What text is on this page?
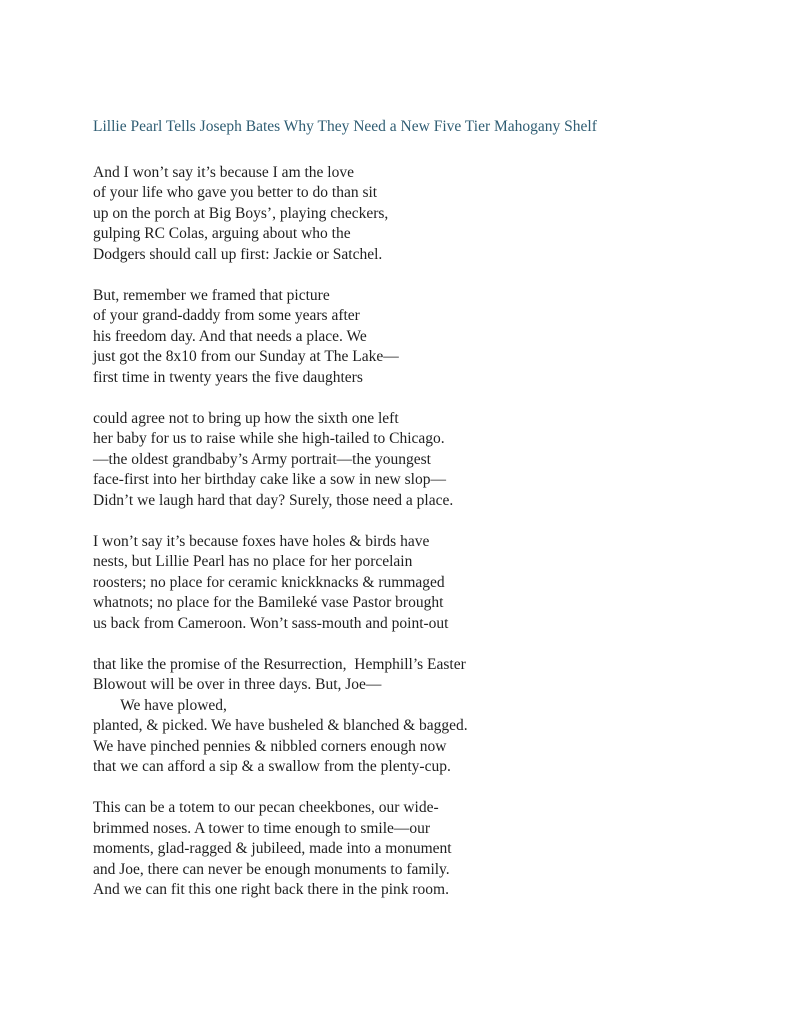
Lillie Pearl Tells Joseph Bates Why They Need a New Five Tier Mahogany Shelf
And I won’t say it’s because I am the love
of your life who gave you better to do than sit
up on the porch at Big Boys’, playing checkers,
gulping RC Colas, arguing about who the
Dodgers should call up first: Jackie or Satchel.
But, remember we framed that picture
of your grand-daddy from some years after
his freedom day. And that needs a place. We
just got the 8x10 from our Sunday at The Lake—
first time in twenty years the five daughters
could agree not to bring up how the sixth one left
her baby for us to raise while she high-tailed to Chicago.
—the oldest grandbaby’s Army portrait—the youngest
face-first into her birthday cake like a sow in new slop—
Didn’t we laugh hard that day? Surely, those need a place.
I won’t say it’s because foxes have holes & birds have
nests, but Lillie Pearl has no place for her porcelain
roosters; no place for ceramic knickknacks & rummaged
whatnots; no place for the Bamileké vase Pastor brought
us back from Cameroon. Won’t sass-mouth and point-out
that like the promise of the Resurrection,  Hemphill’s Easter
Blowout will be over in three days. But, Joe—
We have plowed,
planted, & picked. We have busheled & blanched & bagged.
We have pinched pennies & nibbled corners enough now
that we can afford a sip & a swallow from the plenty-cup.
This can be a totem to our pecan cheekbones, our wide-
brimmed noses. A tower to time enough to smile—our
moments, glad-ragged & jubileed, made into a monument
and Joe, there can never be enough monuments to family.
And we can fit this one right back there in the pink room.
